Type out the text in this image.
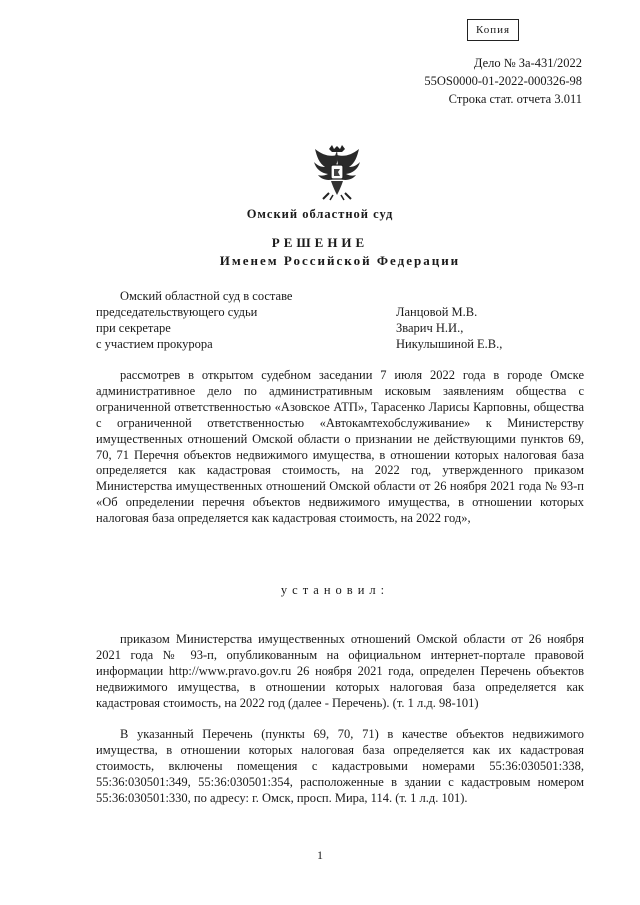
Копия
Дело № За-431/2022
55OS0000-01-2022-000326-98
Строка стат. отчета 3.011
Омский областной суд
РЕШЕНИЕ
Именем Российской Федерации
Омский областной суд в составе
председательствующего судьи	Ланцовой М.В.
при секретаре	Зварич Н.И.,
с участием прокурора	Никулышиной Е.В.,
рассмотрев в открытом судебном заседании 7 июля 2022 года в городе Омске административное дело по административным исковым заявлениям общества с ограниченной ответственностью «Азовское АТП», Тарасенко Ларисы Карповны, общества с ограниченной ответственностью «Автокамтехобслуживание» к Министерству имущественных отношений Омской области о признании не действующими пунктов 69, 70, 71 Перечня объектов недвижимого имущества, в отношении которых налоговая база определяется как кадастровая стоимость, на 2022 год, утвержденного приказом Министерства имущественных отношений Омской области от 26 ноября 2021 года № 93-п «Об определении перечня объектов недвижимого имущества, в отношении которых налоговая база определяется как кадастровая стоимость, на 2022 год»,
установил:
приказом Министерства имущественных отношений Омской области от 26 ноября 2021 года № 93-п, опубликованным на официальном интернет-портале правовой информации http://www.pravo.gov.ru 26 ноября 2021 года, определен Перечень объектов недвижимого имущества, в отношении которых налоговая база определяется как кадастровая стоимость, на 2022 год (далее - Перечень). (т. 1 л.д. 98-101)
В указанный Перечень (пункты 69, 70, 71) в качестве объектов недвижимого имущества, в отношении которых налоговая база определяется как их кадастровая стоимость, включены помещения с кадастровыми номерами 55:36:030501:338, 55:36:030501:349, 55:36:030501:354, расположенные в здании с кадастровым номером 55:36:030501:330, по адресу: г. Омск, просп. Мира, 114. (т. 1 л.д. 101).
1
